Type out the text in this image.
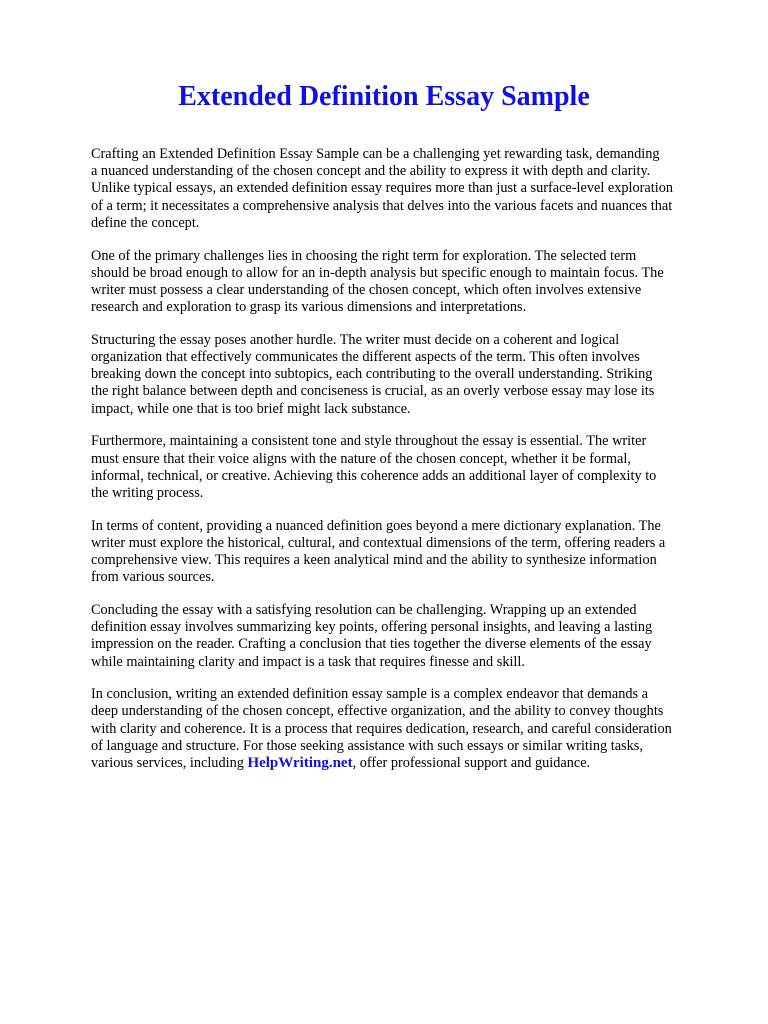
Extended Definition Essay Sample

Crafting an Extended Definition Essay Sample can be a challenging yet rewarding task, demanding
a nuanced understanding of the chosen concept and the ability to express it with depth and clarity.
Unlike typical essays, an extended definition essay requires more than just a surface-level exploration
of a term; it necessitates a comprehensive analysis that delves into the various facets and nuances that
define the concept.

One of the primary challenges lies in choosing the right term for exploration. The selected term
should be broad enough to allow for an in-depth analysis but specific enough to maintain focus. The
writer must possess a clear understanding of the chosen concept, which often involves extensive
research and exploration to grasp its various dimensions and interpretations.

Structuring the essay poses another hurdle. The writer must decide on a coherent and logical
organization that effectively communicates the different aspects of the term. This often involves
breaking down the concept into subtopics, each contributing to the overall understanding. Striking
the right balance between depth and conciseness is crucial, as an overly verbose essay may lose its
impact, while one that is too brief might lack substance.

Furthermore, maintaining a consistent tone and style throughout the essay is essential. The writer
must ensure that their voice aligns with the nature of the chosen concept, whether it be formal,
informal, technical, or creative. Achieving this coherence adds an additional layer of complexity to
the writing process.

In terms of content, providing a nuanced definition goes beyond a mere dictionary explanation. The
writer must explore the historical, cultural, and contextual dimensions of the term, offering readers a
comprehensive view. This requires a keen analytical mind and the ability to synthesize information
from various sources.

Concluding the essay with a satisfying resolution can be challenging. Wrapping up an extended
definition essay involves summarizing key points, offering personal insights, and leaving a lasting
impression on the reader. Crafting a conclusion that ties together the diverse elements of the essay
while maintaining clarity and impact is a task that requires finesse and skill.

In conclusion, writing an extended definition essay sample is a complex endeavor that demands a
deep understanding of the chosen concept, effective organization, and the ability to convey thoughts
with clarity and coherence. It is a process that requires dedication, research, and careful consideration
of language and structure. For those seeking assistance with such essays or similar writing tasks,
various services, including HelpWriting.net, offer professional support and guidance.
